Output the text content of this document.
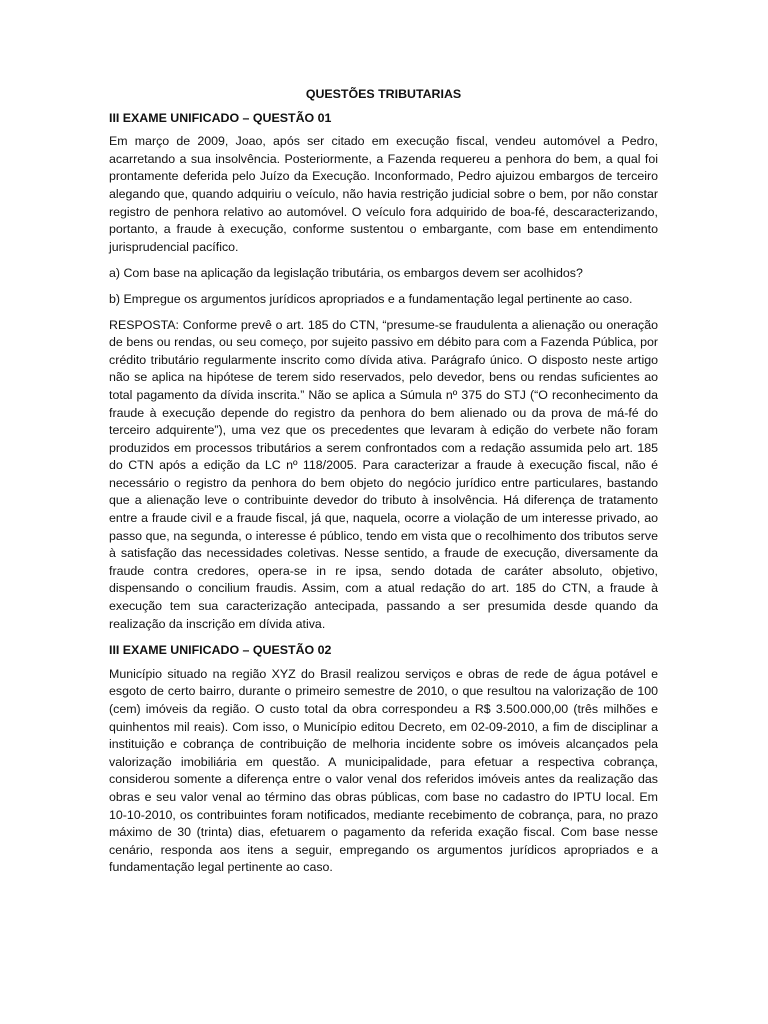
QUESTÕES TRIBUTARIAS
III EXAME UNIFICADO – QUESTÃO 01
Em março de 2009, Joao, após ser citado em execução fiscal, vendeu automóvel a Pedro, acarretando a sua insolvência. Posteriormente, a Fazenda requereu a penhora do bem, a qual foi prontamente deferida pelo Juízo da Execução. Inconformado, Pedro ajuizou embargos de terceiro alegando que, quando adquiriu o veículo, não havia restrição judicial sobre o bem, por não constar registro de penhora relativo ao automóvel. O veículo fora adquirido de boa-fé, descaracterizando, portanto, a fraude à execução, conforme sustentou o embargante, com base em entendimento jurisprudencial pacífico.
a) Com base na aplicação da legislação tributária, os embargos devem ser acolhidos?
b) Empregue os argumentos jurídicos apropriados e a fundamentação legal pertinente ao caso.
RESPOSTA: Conforme prevê o art. 185 do CTN, “presume-se fraudulenta a alienação ou oneração de bens ou rendas, ou seu começo, por sujeito passivo em débito para com a Fazenda Pública, por crédito tributário regularmente inscrito como dívida ativa. Parágrafo único. O disposto neste artigo não se aplica na hipótese de terem sido reservados, pelo devedor, bens ou rendas suficientes ao total pagamento da dívida inscrita.” Não se aplica a Súmula nº 375 do STJ (“O reconhecimento da fraude à execução depende do registro da penhora do bem alienado ou da prova de má-fé do terceiro adquirente”), uma vez que os precedentes que levaram à edição do verbete não foram produzidos em processos tributários a serem confrontados com a redação assumida pelo art. 185 do CTN após a edição da LC nº 118/2005. Para caracterizar a fraude à execução fiscal, não é necessário o registro da penhora do bem objeto do negócio jurídico entre particulares, bastando que a alienação leve o contribuinte devedor do tributo à insolvência. Há diferença de tratamento entre a fraude civil e a fraude fiscal, já que, naquela, ocorre a violação de um interesse privado, ao passo que, na segunda, o interesse é público, tendo em vista que o recolhimento dos tributos serve à satisfação das necessidades coletivas. Nesse sentido, a fraude de execução, diversamente da fraude contra credores, opera-se in re ipsa, sendo dotada de caráter absoluto, objetivo, dispensando o concilium fraudis. Assim, com a atual redação do art. 185 do CTN, a fraude à execução tem sua caracterização antecipada, passando a ser presumida desde quando da realização da inscrição em dívida ativa.
III EXAME UNIFICADO – QUESTÃO 02
Município situado na região XYZ do Brasil realizou serviços e obras de rede de água potável e esgoto de certo bairro, durante o primeiro semestre de 2010, o que resultou na valorização de 100 (cem) imóveis da região. O custo total da obra correspondeu a R$ 3.500.000,00 (três milhões e quinhentos mil reais). Com isso, o Município editou Decreto, em 02-09-2010, a fim de disciplinar a instituição e cobrança de contribuição de melhoria incidente sobre os imóveis alcançados pela valorização imobiliária em questão. A municipalidade, para efetuar a respectiva cobrança, considerou somente a diferença entre o valor venal dos referidos imóveis antes da realização das obras e seu valor venal ao término das obras públicas, com base no cadastro do IPTU local. Em 10-10-2010, os contribuintes foram notificados, mediante recebimento de cobrança, para, no prazo máximo de 30 (trinta) dias, efetuarem o pagamento da referida exação fiscal. Com base nesse cenário, responda aos itens a seguir, empregando os argumentos jurídicos apropriados e a fundamentação legal pertinente ao caso.
